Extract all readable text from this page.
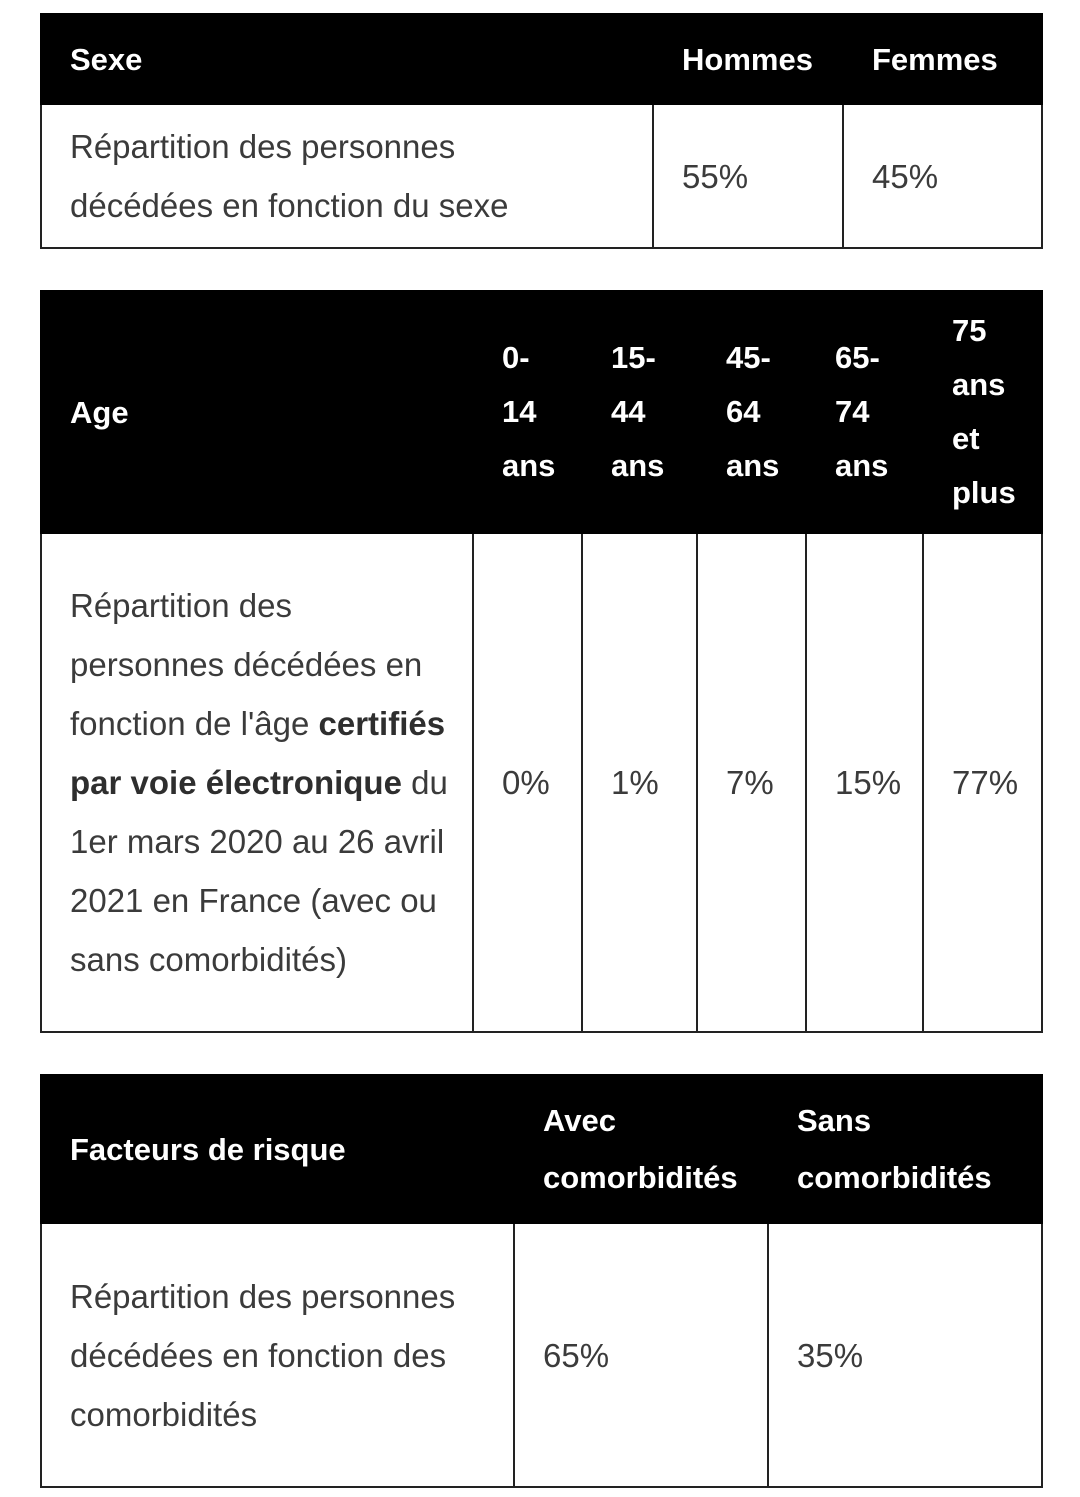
Sexe	Hommes	Femmes
Répartition des personnes décédées en fonction du sexe	55%	45%
Age	0-14 ans	15-44 ans	45-64 ans	65-74 ans	75 ans et plus
Répartition des personnes décédées en fonction de l'âge certifiés par voie électronique du 1er mars 2020 au 26 avril 2021 en France (avec ou sans comorbidités)	0%	1%	7%	15%	77%
Facteurs de risque	Avec comorbidités	Sans comorbidités
Répartition des personnes décédées en fonction des comorbidités	65%	35%
